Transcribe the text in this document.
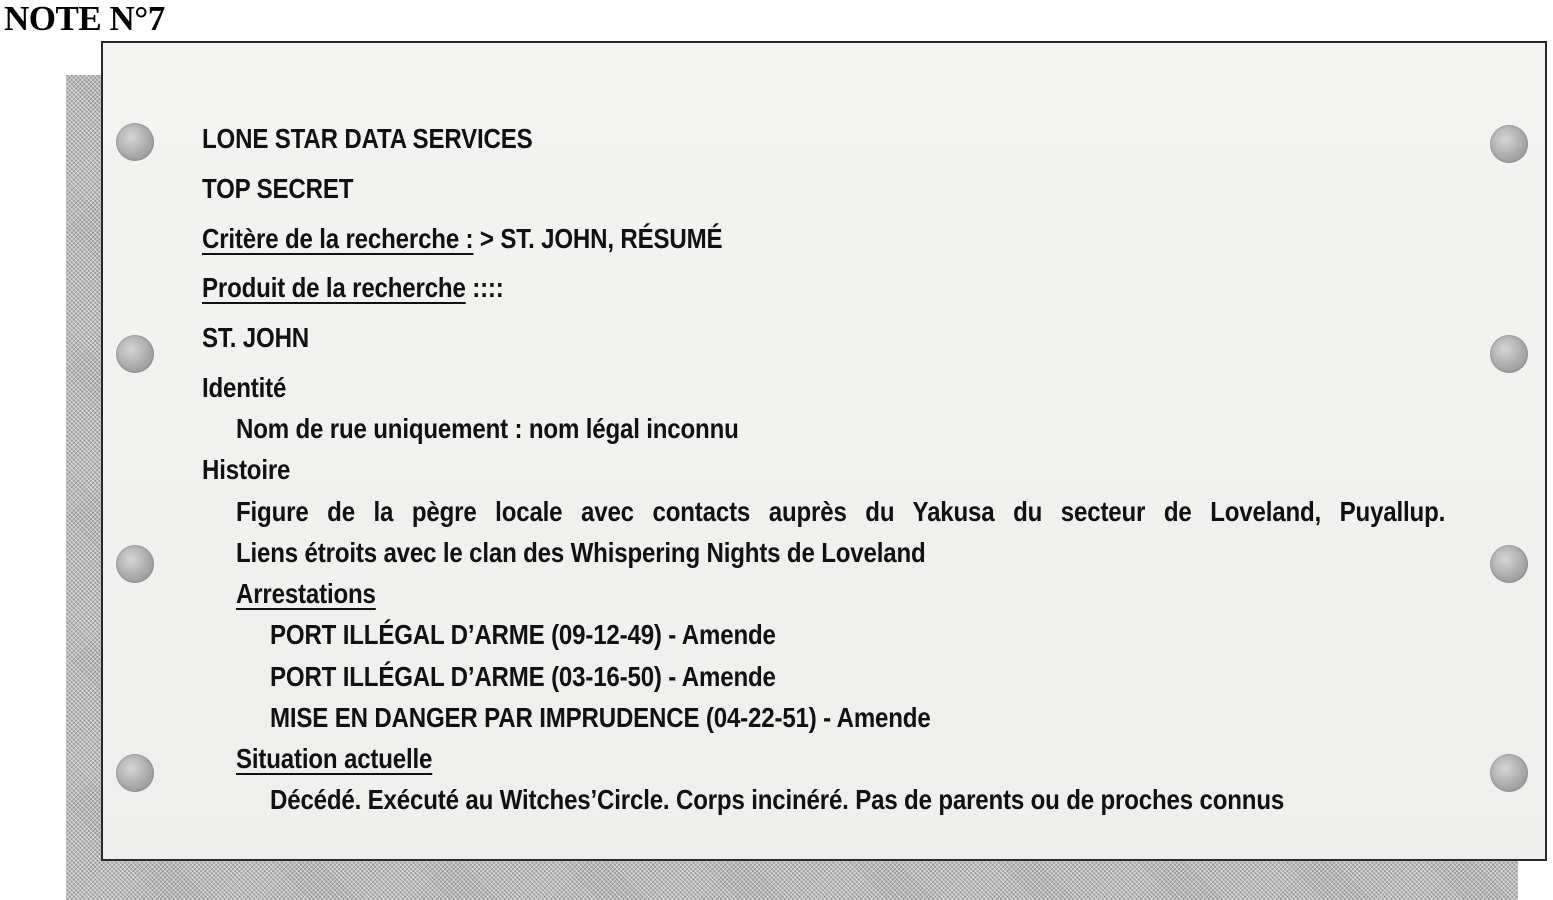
NOTE N°7
LONE STAR DATA SERVICES
TOP SECRET
Critère de la recherche : > ST. JOHN, RÉSUMÉ
Produit de la recherche ::::
ST. JOHN
Identité
Nom de rue uniquement : nom légal inconnu
Histoire
Figure de la pègre locale avec contacts auprès du Yakusa du secteur de Loveland, Puyallup.
Liens étroits avec le clan des Whispering Nights de Loveland
Arrestations
PORT ILLÉGAL D’ARME (09-12-49) - Amende
PORT ILLÉGAL D’ARME (03-16-50) - Amende
MISE EN DANGER PAR IMPRUDENCE (04-22-51) - Amende
Situation actuelle
Décédé. Exécuté au Witches’Circle. Corps incinéré. Pas de parents ou de proches connus
